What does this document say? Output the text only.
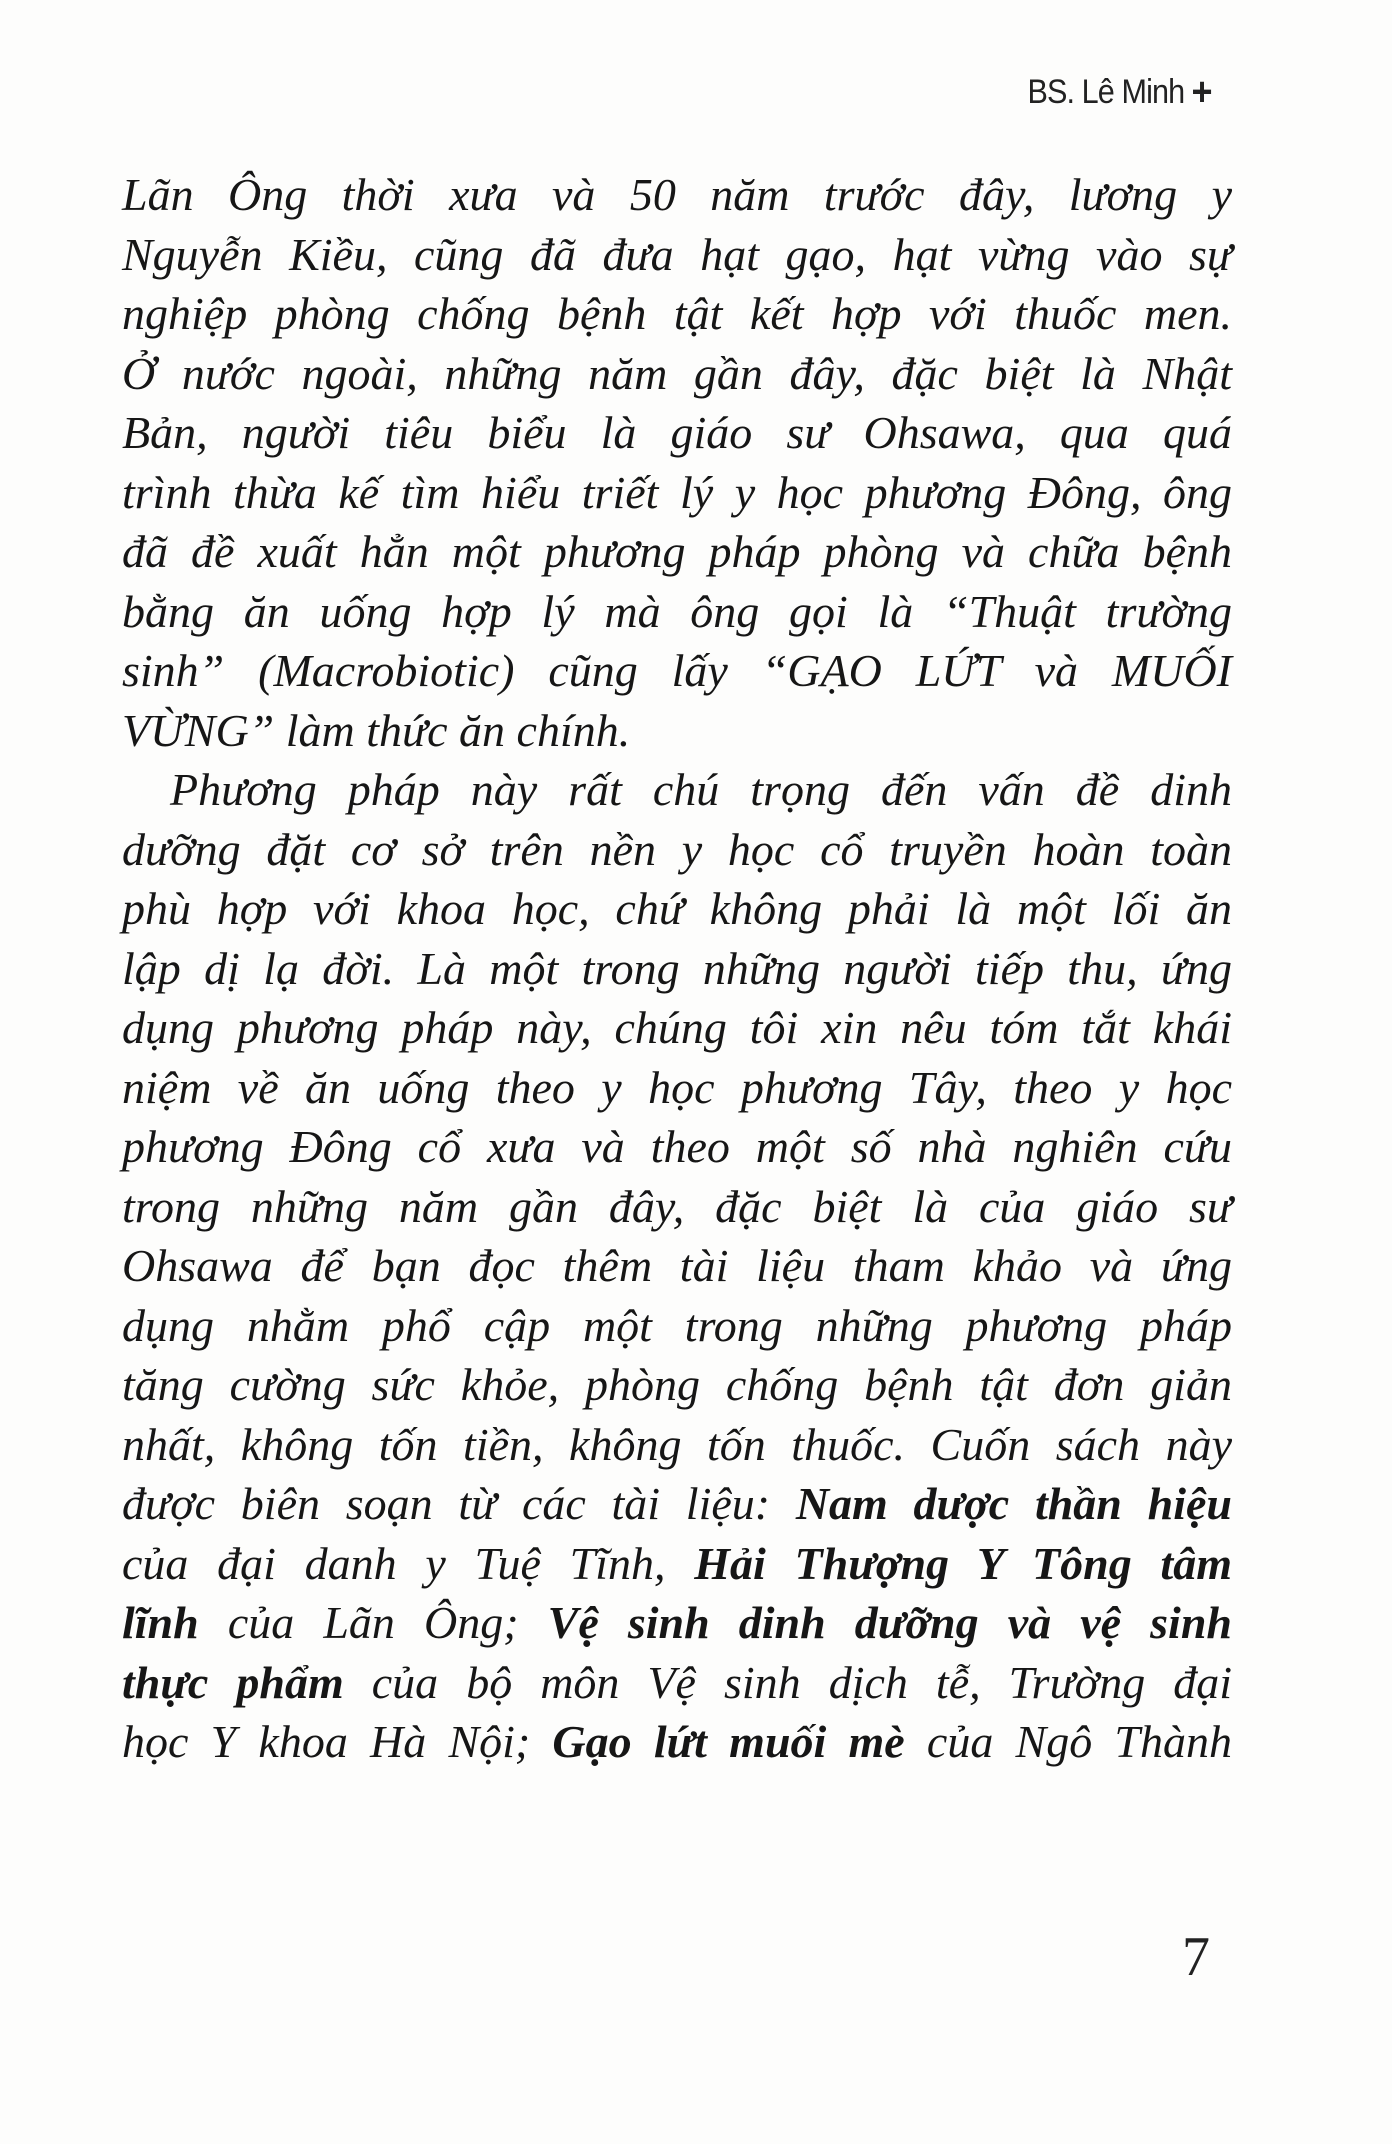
BS. Lê Minh +
Lãn Ông thời xưa và 50 năm trước đây, lương y
Nguyễn Kiều, cũng đã đưa hạt gạo, hạt vừng vào sự
nghiệp phòng chống bệnh tật kết hợp với thuốc men.
Ở nước ngoài, những năm gần đây, đặc biệt là Nhật
Bản, người tiêu biểu là giáo sư Ohsawa, qua quá
trình thừa kế tìm hiểu triết lý y học phương Đông, ông
đã đề xuất hẳn một phương pháp phòng và chữa bệnh
bằng ăn uống hợp lý mà ông gọi là “Thuật trường
sinh” (Macrobiotic) cũng lấy “GẠO LỨT và MUỐI
VỪNG” làm thức ăn chính.
Phương pháp này rất chú trọng đến vấn đề dinh
dưỡng đặt cơ sở trên nền y học cổ truyền hoàn toàn
phù hợp với khoa học, chứ không phải là một lối ăn
lập dị lạ đời. Là một trong những người tiếp thu, ứng
dụng phương pháp này, chúng tôi xin nêu tóm tắt khái
niệm về ăn uống theo y học phương Tây, theo y học
phương Đông cổ xưa và theo một số nhà nghiên cứu
trong những năm gần đây, đặc biệt là của giáo sư
Ohsawa để bạn đọc thêm tài liệu tham khảo và ứng
dụng nhằm phổ cập một trong những phương pháp
tăng cường sức khỏe, phòng chống bệnh tật đơn giản
nhất, không tốn tiền, không tốn thuốc. Cuốn sách này
được biên soạn từ các tài liệu: Nam dược thần hiệu
của đại danh y Tuệ Tĩnh, Hải Thượng Y Tông tâm
lĩnh của Lãn Ông; Vệ sinh dinh dưỡng và vệ sinh
thực phẩm của bộ môn Vệ sinh dịch tễ, Trường đại
học Y khoa Hà Nội; Gạo lứt muối mè của Ngô Thành
7
